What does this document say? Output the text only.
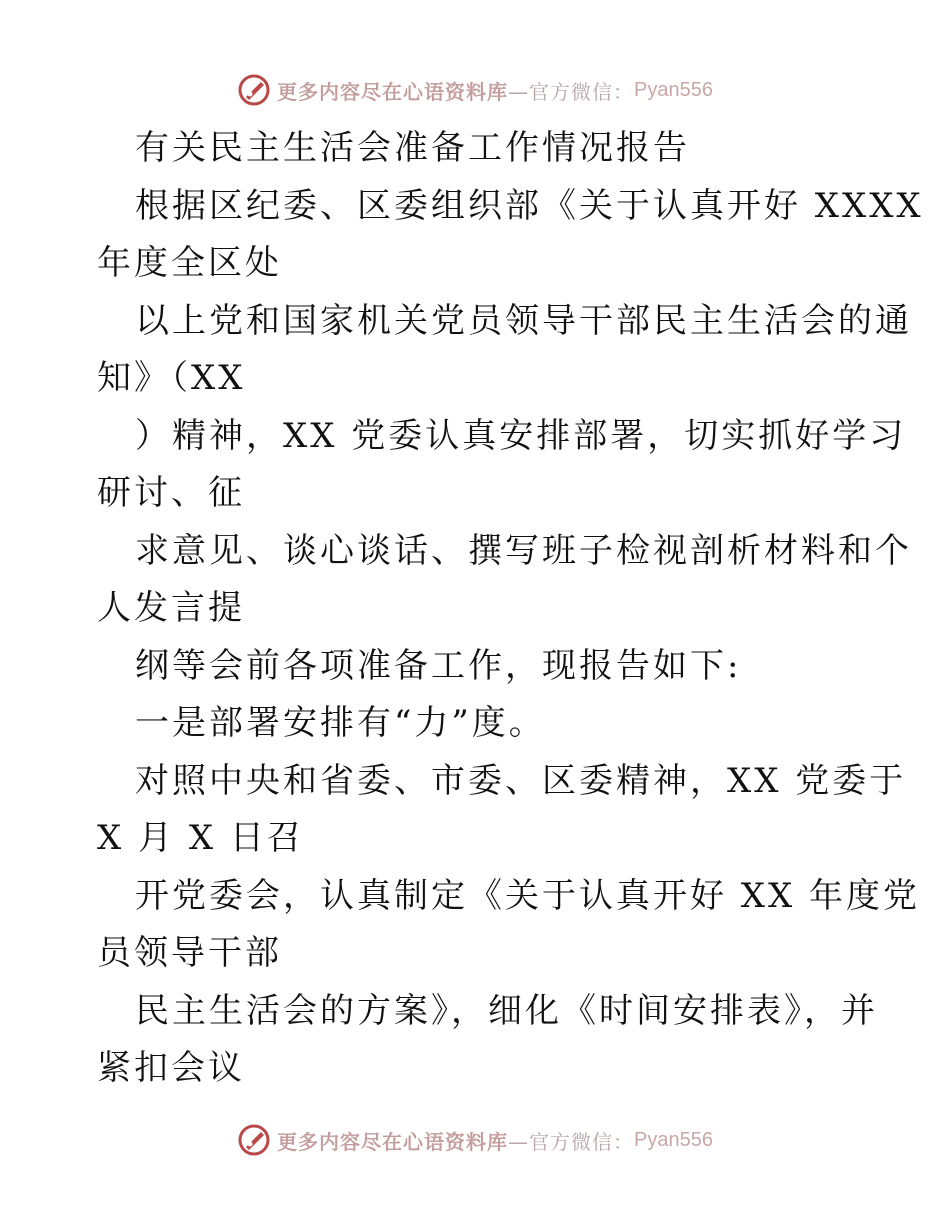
更多内容尽在心语资料库 —官方微信： Pyan556

有关民主生活会准备工作情况报告

根据区纪委、区委组织部《关于认真开好 XXXX

年度全区处

以上党和国家机关党员领导干部民主生活会的通

知》（XX

）精神，XX 党委认真安排部署，切实抓好学习

研讨、征

求意见、谈心谈话、撰写班子检视剖析材料和个

人发言提

纲等会前各项准备工作，现报告如下:

一是部署安排有“力”度。

对照中央和省委、市委、区委精神，XX 党委于

X 月 X 日召

开党委会，认真制定《关于认真开好 XX 年度党

员领导干部

民主生活会的方案》，细化《时间安排表》，并

紧扣会议

更多内容尽在心语资料库 —官方微信： Pyan556
